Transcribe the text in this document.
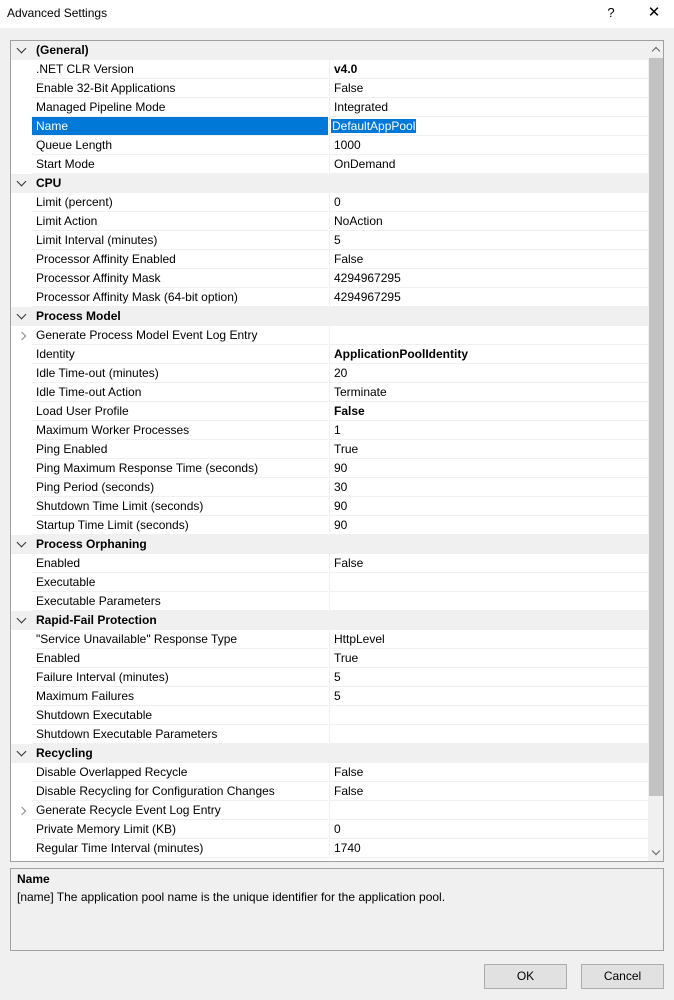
Advanced Settings	? ✕
(General)
.NET CLR Version	v4.0
Enable 32-Bit Applications	False
Managed Pipeline Mode	Integrated
Name	DefaultAppPool
Queue Length	1000
Start Mode	OnDemand
CPU
Limit (percent)	0
Limit Action	NoAction
Limit Interval (minutes)	5
Processor Affinity Enabled	False
Processor Affinity Mask	4294967295
Processor Affinity Mask (64-bit option)	4294967295
Process Model
Generate Process Model Event Log Entry
Identity	ApplicationPoolIdentity
Idle Time-out (minutes)	20
Idle Time-out Action	Terminate
Load User Profile	False
Maximum Worker Processes	1
Ping Enabled	True
Ping Maximum Response Time (seconds)	90
Ping Period (seconds)	30
Shutdown Time Limit (seconds)	90
Startup Time Limit (seconds)	90
Process Orphaning
Enabled	False
Executable
Executable Parameters
Rapid-Fail Protection
"Service Unavailable" Response Type	HttpLevel
Enabled	True
Failure Interval (minutes)	5
Maximum Failures	5
Shutdown Executable
Shutdown Executable Parameters
Recycling
Disable Overlapped Recycle	False
Disable Recycling for Configuration Changes	False
Generate Recycle Event Log Entry
Private Memory Limit (KB)	0
Regular Time Interval (minutes)	1740
Name
[name] The application pool name is the unique identifier for the application pool.
OK	Cancel
